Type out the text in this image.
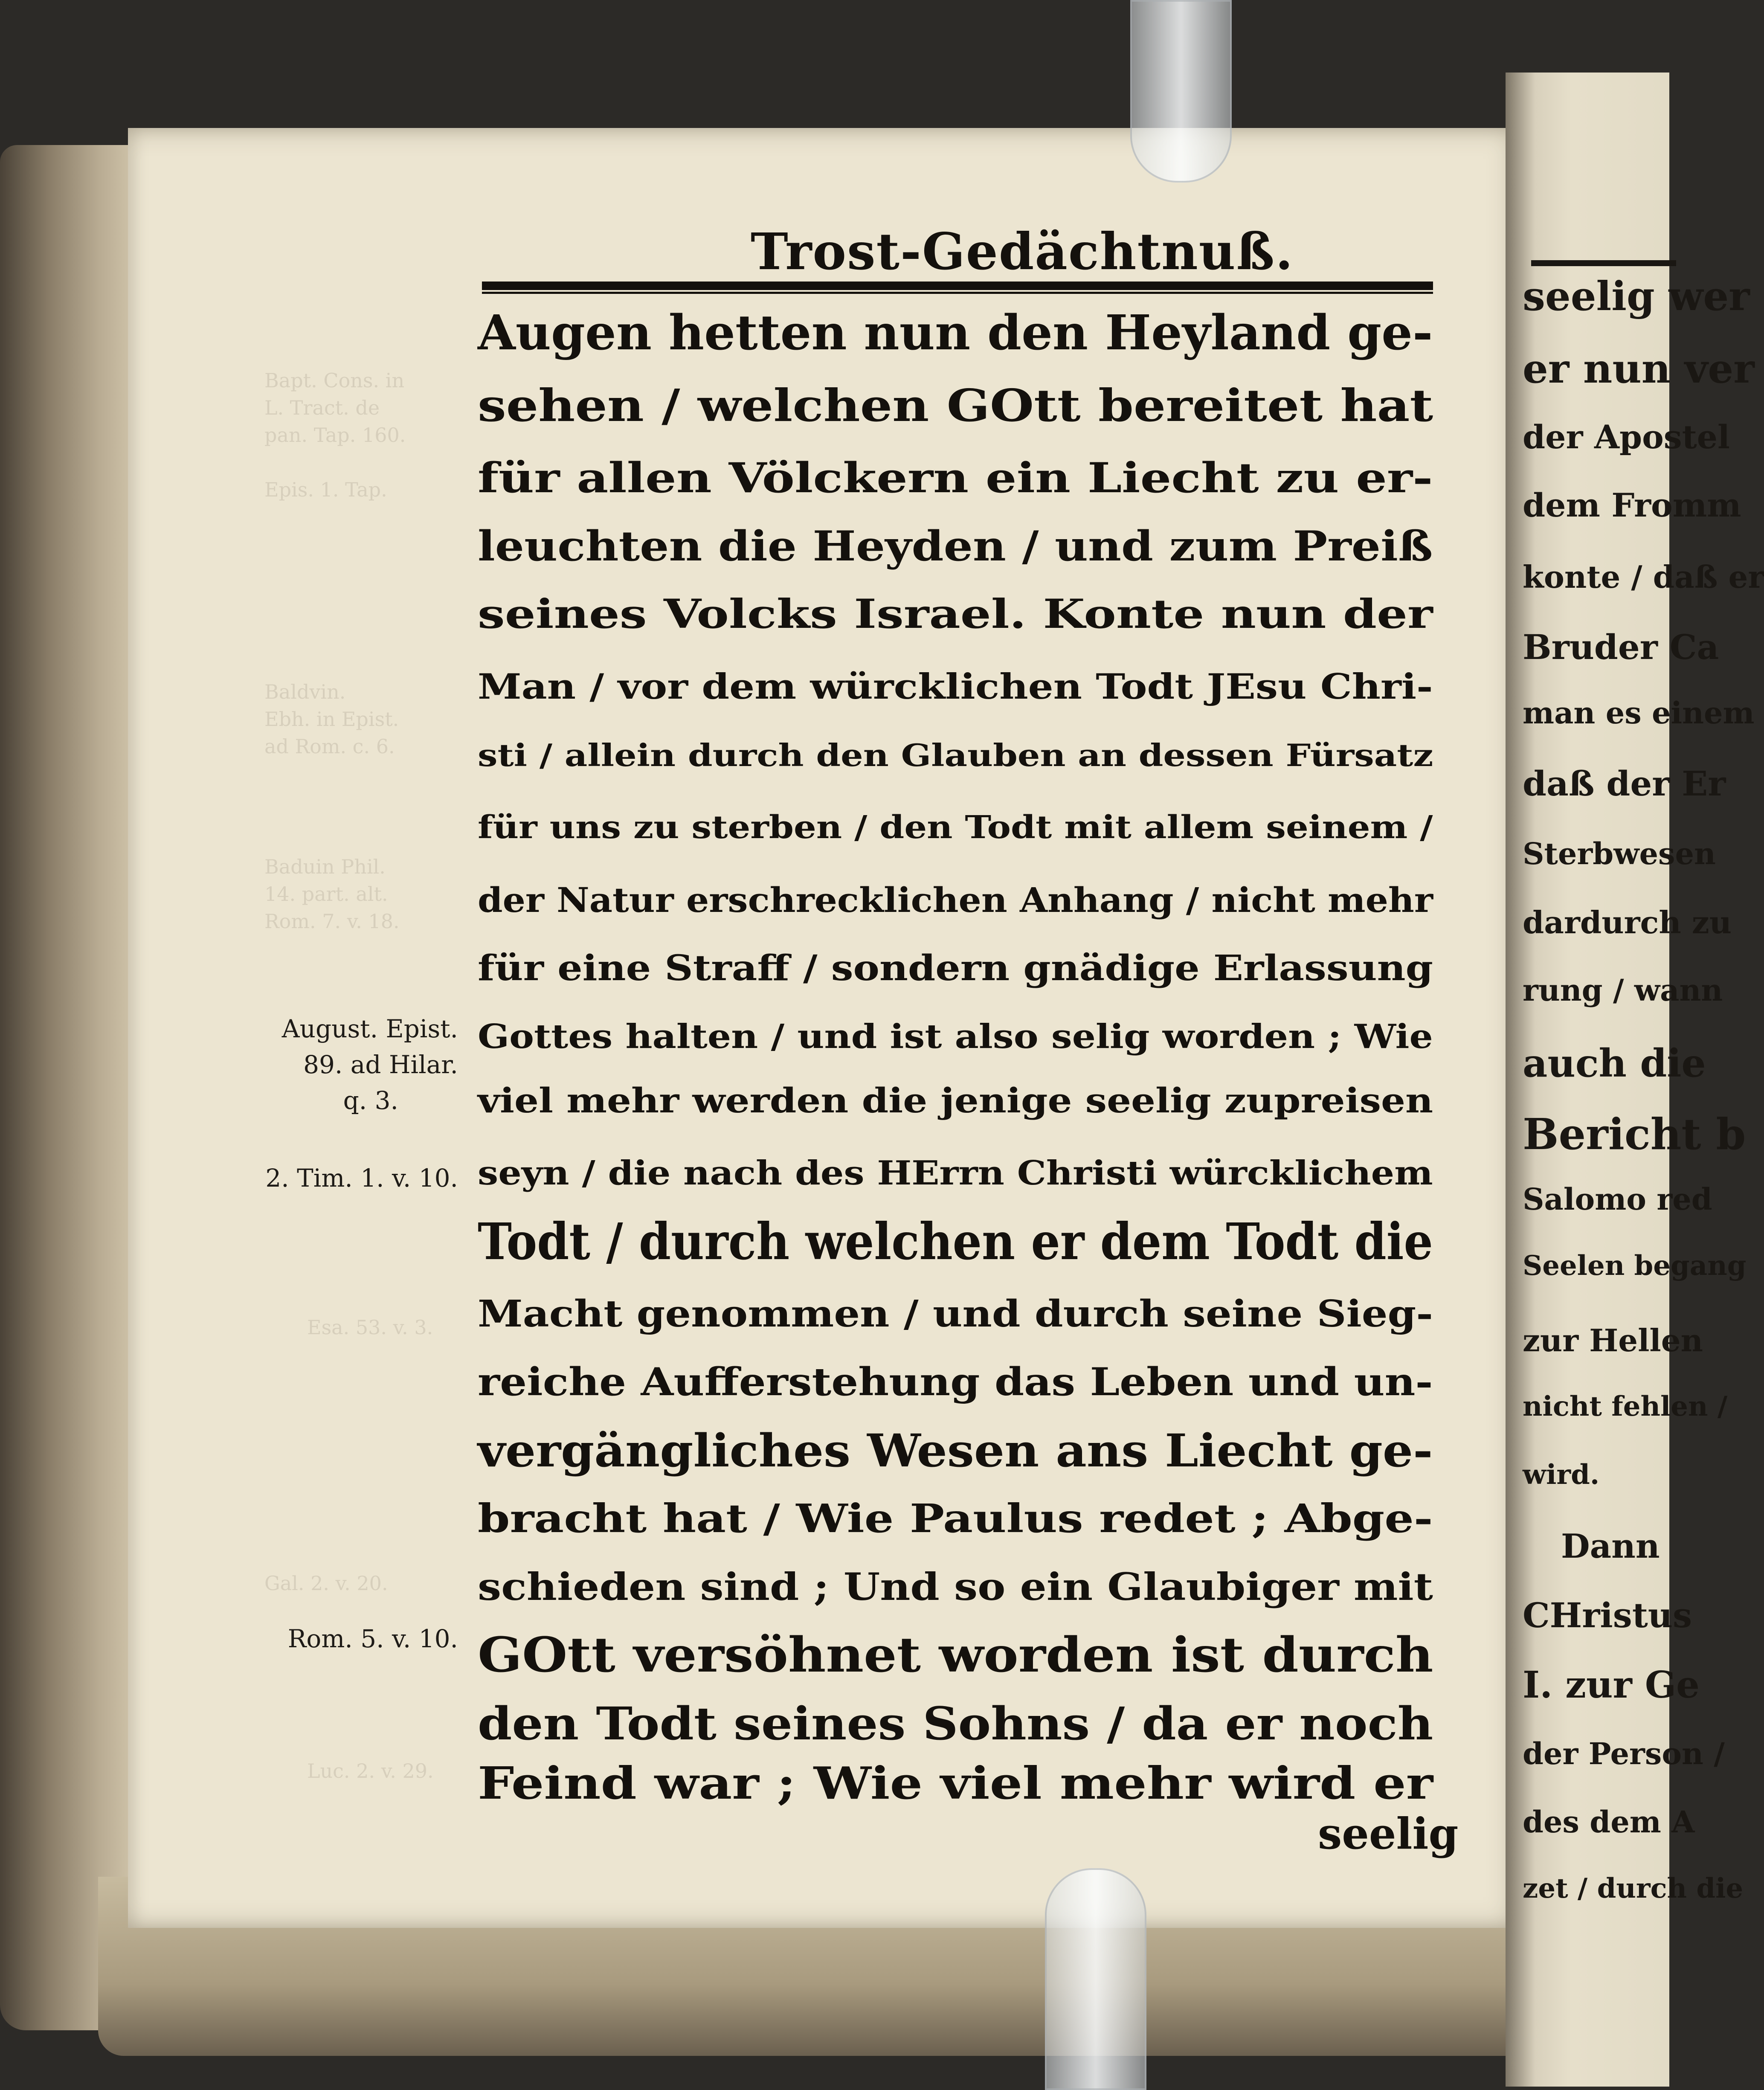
Bapt. Cons. in
L. Tract. de
pan. Tap. 160.

Epis. 1. Tap.
Baldvin.
Ebh. in Epist.
ad Rom. c. 6.
Baduin Phil.
14. part. alt.
Rom. 7. v. 18.
Esa. 53. v. 3.
Gal. 2. v. 20.
Luc. 2. v. 29.
Trost-Gedächtnuß.
Augen hetten nun den Heyland ge-
sehen / welchen GOtt bereitet hat
für allen Völckern ein Liecht zu er-
leuchten die Heyden / und zum Preiß
seines Volcks Israel. Konte nun der
Man / vor dem würcklichen Todt JEsu Chri-
sti / allein durch den Glauben an dessen Fürsatz
für uns zu sterben / den Todt mit allem seinem /
der Natur erschrecklichen Anhang / nicht mehr
für eine Straff / sondern gnädige Erlassung
Gottes halten / und ist also selig worden ; Wie
viel mehr werden die jenige seelig zupreisen
seyn / die nach des HErrn Christi würcklichem
Todt / durch welchen er dem Todt die
Macht genommen / und durch seine Sieg-
reiche Aufferstehung das Leben und un-
vergängliches Wesen ans Liecht ge-
bracht hat / Wie Paulus redet ; Abge-
schieden sind ; Und so ein Glaubiger mit
GOtt versöhnet worden ist durch
den Todt seines Sohns / da er noch
Feind war ; Wie viel mehr wird er
seelig
August. Epist.
89. ad Hilar.
q. 3.
2. Tim. 1. v. 10.
Rom. 5. v. 10.
seelig wer
er nun ver
der Apostel
dem Fromm
konte / daß er
Bruder Ca
man es einem
daß der Er
Sterbwesen
dardurch zu
rung / wann
auch die
Bericht b
Salomo red
Seelen begang
zur Hellen
nicht fehlen /
wird.
Dann
CHristus
I. zur Ge
der Person /
des dem A
zet / durch die
